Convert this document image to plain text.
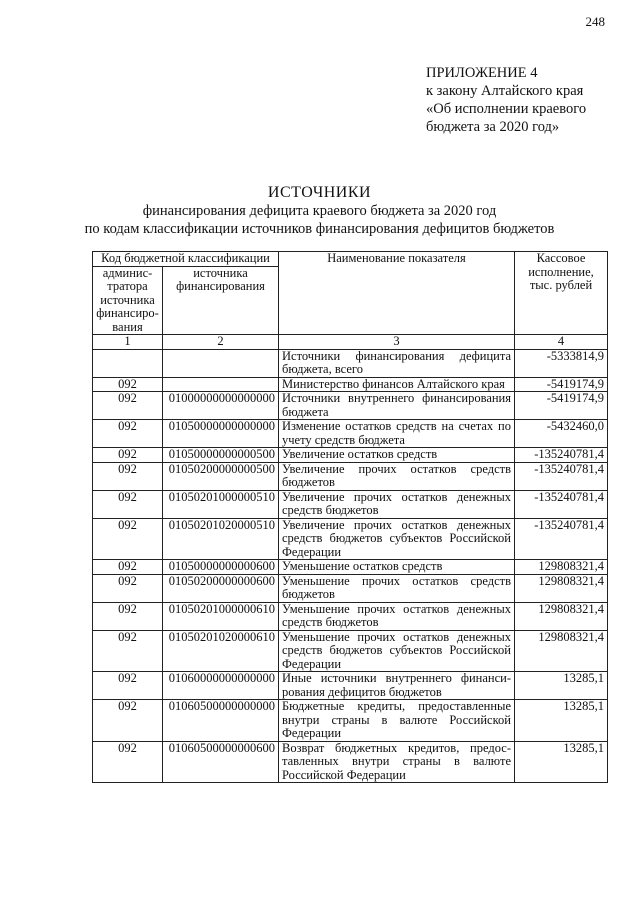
248
ПРИЛОЖЕНИЕ 4
к закону Алтайского края
«Об исполнении краевого
бюджета за 2020 год»
ИСТОЧНИКИ
финансирования дефицита краевого бюджета за 2020 год
по кодам классификации источников финансирования дефицитов бюджетов
Код бюджетной классификации		Наименование показателя	Кассовое исполнение, тыс. рублей
админис-тратора источника финансиро-вания	источника финансирования		
1	2	3	4
		Источники финансирования дефицита бюджета, всего	-5333814,9
092		Министерство финансов Алтайского края	-5419174,9
092	01000000000000000	Источники внутреннего финансирования бюджета	-5419174,9
092	01050000000000000	Изменение остатков средств на счетах по учету средств бюджета	-5432460,0
092	01050000000000500	Увеличение остатков средств	-135240781,4
092	01050200000000500	Увеличение прочих остатков средств бюджетов	-135240781,4
092	01050201000000510	Увеличение прочих остатков денежных средств бюджетов	-135240781,4
092	01050201020000510	Увеличение прочих остатков денежных средств бюджетов субъектов Российской Федерации	-135240781,4
092	01050000000000600	Уменьшение остатков средств	129808321,4
092	01050200000000600	Уменьшение прочих остатков средств бюджетов	129808321,4
092	01050201000000610	Уменьшение прочих остатков денежных средств бюджетов	129808321,4
092	01050201020000610	Уменьшение прочих остатков денежных средств бюджетов субъектов Российской Федерации	129808321,4
092	01060000000000000	Иные источники внутреннего финанси-рования дефицитов бюджетов	13285,1
092	01060500000000000	Бюджетные кредиты, предоставленные внутри страны в валюте Российской Федерации	13285,1
092	01060500000000600	Возврат бюджетных кредитов, предос-тавленных внутри страны в валюте Российской Федерации	13285,1
